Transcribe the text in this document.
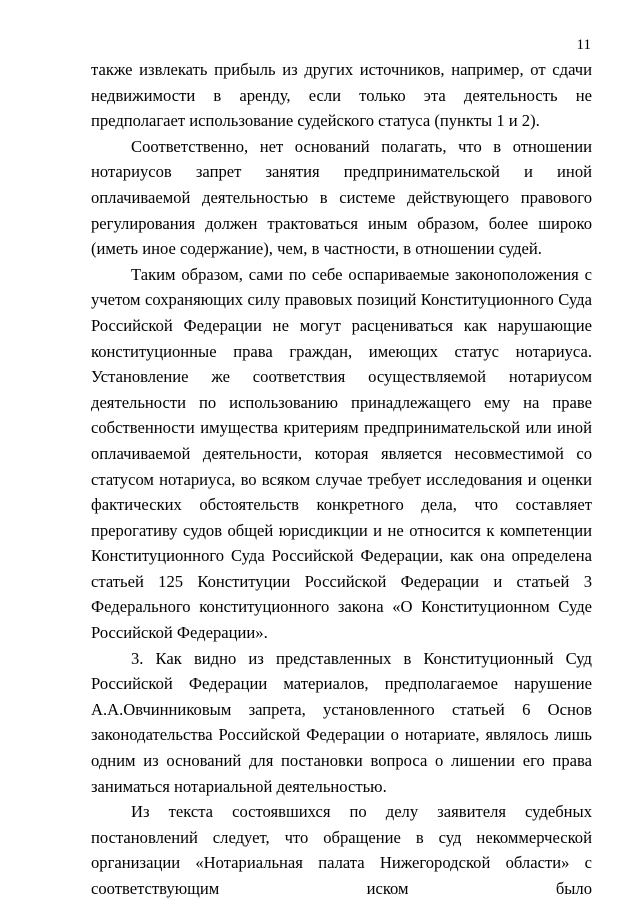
11

также извлекать прибыль из других источников, например, от сдачи недвижимости в аренду, если только эта деятельность не предполагает использование судейского статуса (пункты 1 и 2).

Соответственно, нет оснований полагать, что в отношении нотариусов запрет занятия предпринимательской и иной оплачиваемой деятельностью в системе действующего правового регулирования должен трактоваться иным образом, более широко (иметь иное содержание), чем, в частности, в отношении судей.

Таким образом, сами по себе оспариваемые законоположения с учетом сохраняющих силу правовых позиций Конституционного Суда Российской Федерации не могут расцениваться как нарушающие конституционные права граждан, имеющих статус нотариуса. Установление же соответствия осуществляемой нотариусом деятельности по использованию принадлежащего ему на праве собственности имущества критериям предпринимательской или иной оплачиваемой деятельности, которая является несовместимой со статусом нотариуса, во всяком случае требует исследования и оценки фактических обстоятельств конкретного дела, что составляет прерогативу судов общей юрисдикции и не относится к компетенции Конституционного Суда Российской Федерации, как она определена статьей 125 Конституции Российской Федерации и статьей 3 Федерального конституционного закона «О Конституционном Суде Российской Федерации».

3. Как видно из представленных в Конституционный Суд Российской Федерации материалов, предполагаемое нарушение А.А.Овчинниковым запрета, установленного статьей 6 Основ законодательства Российской Федерации о нотариате, являлось лишь одним из оснований для постановки вопроса о лишении его права заниматься нотариальной деятельностью.

Из текста состоявшихся по делу заявителя судебных постановлений следует, что обращение в суд некоммерческой организации «Нотариальная палата Нижегородской области» с соответствующим иском было
